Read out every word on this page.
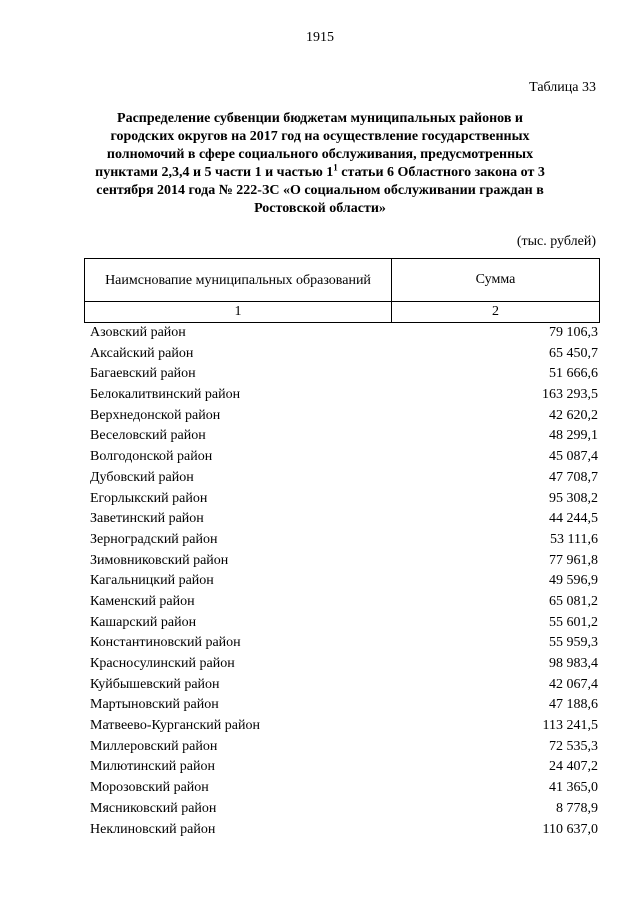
1915
Таблица 33
Распределение субвенции бюджетам муниципальных районов и городских округов на 2017 год на осуществление государственных полномочий в сфере социального обслуживания, предусмотренных пунктами 2,3,4 и 5 части 1 и частью $1^1$ статьи 6 Областного закона от 3 сентября 2014 года № 222-ЗС «О социальном обслуживании граждан в Ростовской области»
(тыс. рублей)
Наимсновапие муниципальных образований	Сумма
1	2
Азовский район	79 106,3
Аксайский район	65 450,7
Багаевский район	51 666,6
Белокалитвинский район	163 293,5
Верхнедонской район	42 620,2
Веселовский район	48 299,1
Волгодонской район	45 087,4
Дубовский район	47 708,7
Егорлыкский район	95 308,2
Заветинский район	44 244,5
Зерноградский район	53 111,6
Зимовниковский район	77 961,8
Кагальницкий район	49 596,9
Каменский район	65 081,2
Кашарский район	55 601,2
Константиновский район	55 959,3
Красносулинский район	98 983,4
Куйбышевский район	42 067,4
Мартыновский район	47 188,6
Матвеево-Курганский район	113 241,5
Миллеровский район	72 535,3
Милютинский район	24 407,2
Морозовский район	41 365,0
Мясниковский район	8 778,9
Неклиновский район	110 637,0
